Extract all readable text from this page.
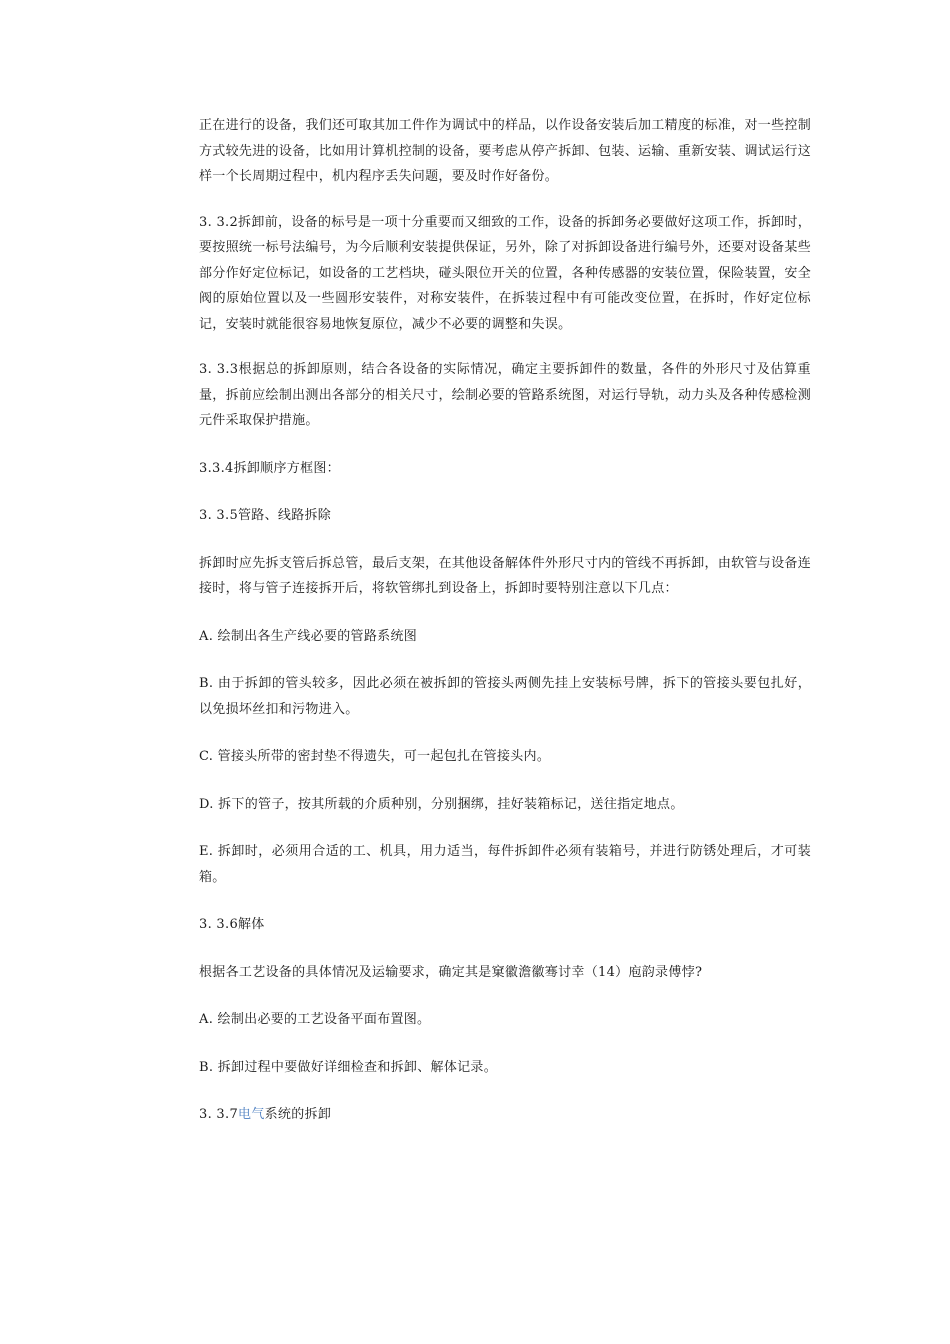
正在进行的设备，我们还可取其加工件作为调试中的样品，以作设备安装后加工精度的标准，对一些控制方式较先进的设备，比如用计算机控制的设备，要考虑从停产拆卸、包装、运输、重新安装、调试运行这样一个长周期过程中，机内程序丢失问题，要及时作好备份。

3. 3.2拆卸前，设备的标号是一项十分重要而又细致的工作，设备的拆卸务必要做好这项工作，拆卸时，要按照统一标号法编号，为今后顺利安装提供保证，另外，除了对拆卸设备进行编号外，还要对设备某些部分作好定位标记，如设备的工艺档块，碰头限位开关的位置，各种传感器的安装位置，保险装置，安全阀的原始位置以及一些圆形安装件，对称安装件，在拆装过程中有可能改变位置，在拆时，作好定位标记，安装时就能很容易地恢复原位，减少不必要的调整和失误。

3. 3.3根据总的拆卸原则，结合各设备的实际情况，确定主要拆卸件的数量，各件的外形尺寸及估算重量，拆前应绘制出测出各部分的相关尺寸，绘制必要的管路系统图，对运行导轨，动力头及各种传感检测元件采取保护措施。

3.3.4拆卸顺序方框图：

3. 3.5管路、线路拆除

拆卸时应先拆支管后拆总管，最后支架，在其他设备解体件外形尺寸内的管线不再拆卸，由软管与设备连接时，将与管子连接拆开后，将软管绑扎到设备上，拆卸时要特别注意以下几点：

A. 绘制出各生产线必要的管路系统图

B. 由于拆卸的管头较多，因此必须在被拆卸的管接头两侧先挂上安装标号牌，拆下的管接头要包扎好，以免损坏丝扣和污物进入。

C. 管接头所带的密封垫不得遗失，可一起包扎在管接头内。

D. 拆下的管子，按其所载的介质种别，分别捆绑，挂好装箱标记，送往指定地点。

E. 拆卸时，必须用合适的工、机具，用力适当，每件拆卸件必须有装箱号，并进行防锈处理后，才可装箱。

3. 3.6解体

根据各工艺设备的具体情况及运输要求，确定其是窠徽澹徽骞讨幸（14）庖韵录傅悖?

A. 绘制出必要的工艺设备平面布置图。

B. 拆卸过程中要做好详细检查和拆卸、解体记录。

3. 3.7电气系统的拆卸
